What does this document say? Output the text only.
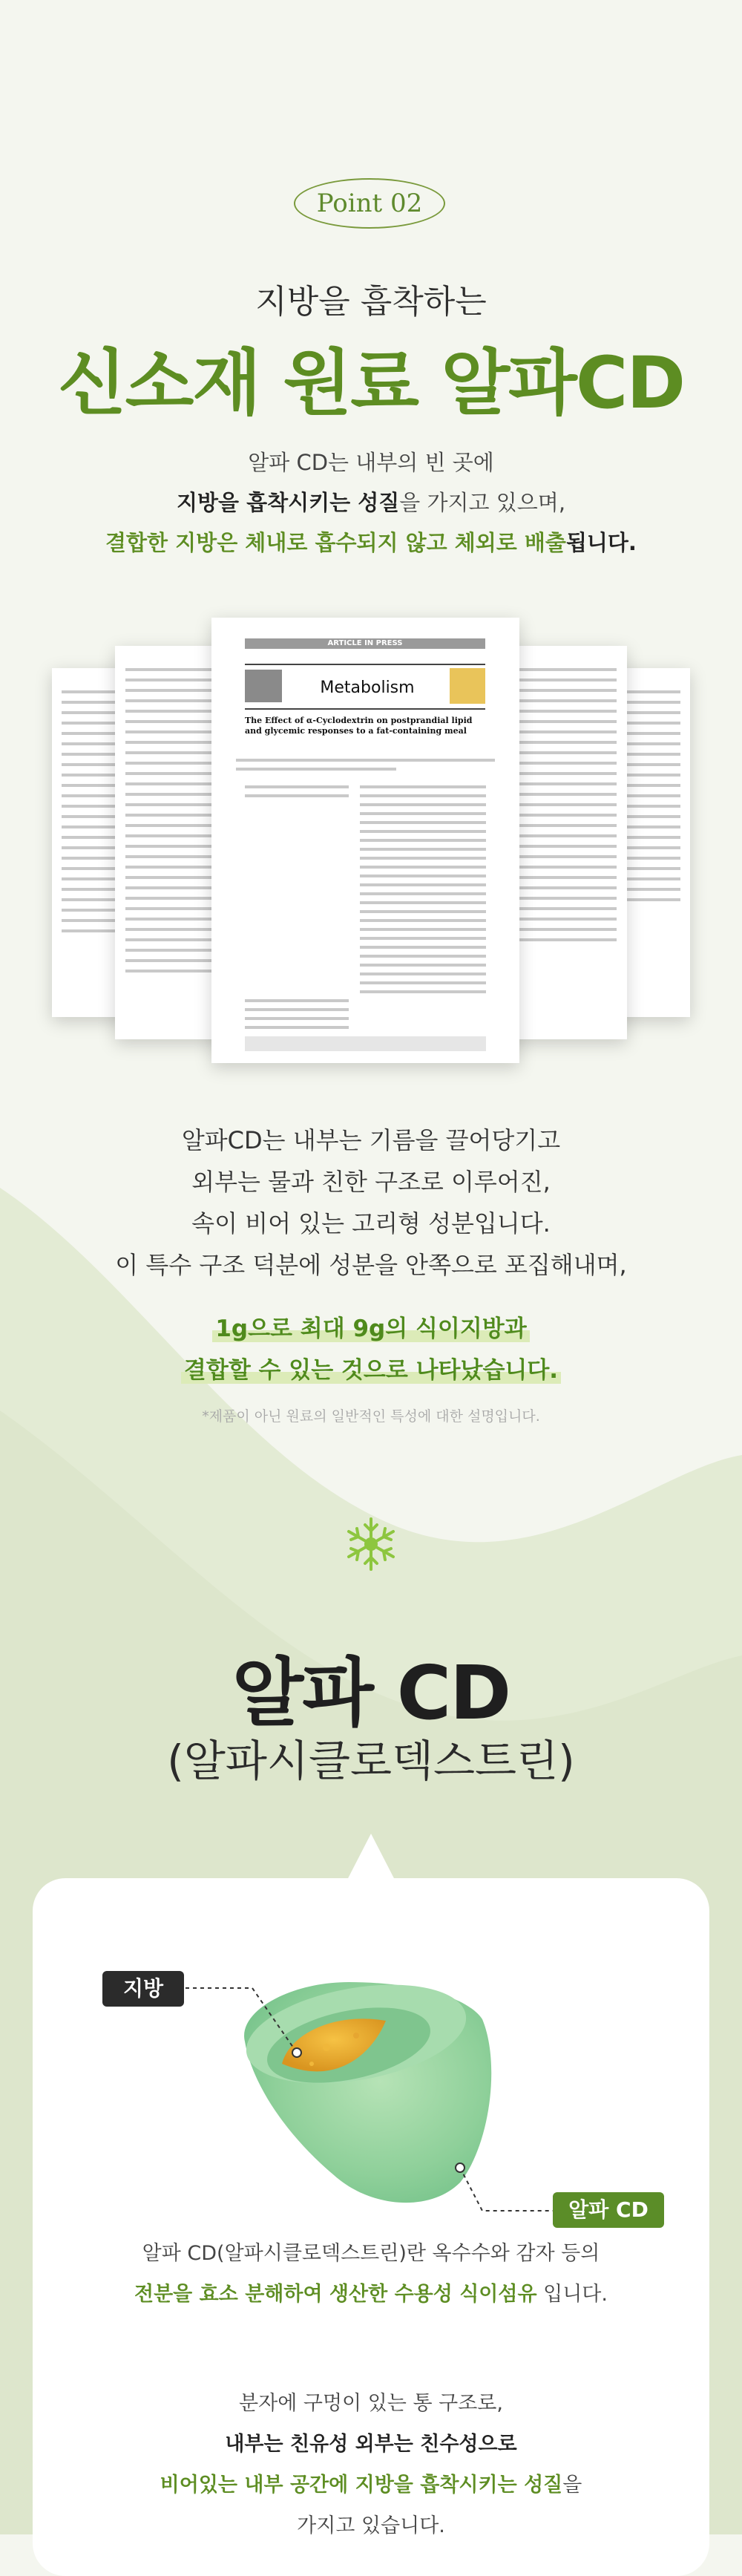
Point 02
지방을 흡착하는
신소재 원료 알파CD
알파 CD는 내부의 빈 곳에
지방을 흡착시키는 성질을 가지고 있으며,
결합한 지방은 체내로 흡수되지 않고 체외로 배출됩니다.
ARTICLE IN PRESS
Metabolism
The Effect of α-Cyclodextrin on postprandial lipid and glycemic responses to a fat-containing meal
알파CD는 내부는 기름을 끌어당기고
외부는 물과 친한 구조로 이루어진,
속이 비어 있는 고리형 성분입니다.
이 특수 구조 덕분에 성분을 안쪽으로 포집해내며,
1g으로 최대 9g의 식이지방과
결합할 수 있는 것으로 나타났습니다.
*제품이 아닌 원료의 일반적인 특성에 대한 설명입니다.
알파 CD
(알파시클로덱스트린)
지방
알파 CD
알파 CD(알파시클로덱스트린)란 옥수수와 감자 등의
전분을 효소 분해하여 생산한 수용성 식이섬유 입니다.
분자에 구멍이 있는 통 구조로,
내부는 친유성 외부는 친수성으로
비어있는 내부 공간에 지방을 흡착시키는 성질을
가지고 있습니다.
